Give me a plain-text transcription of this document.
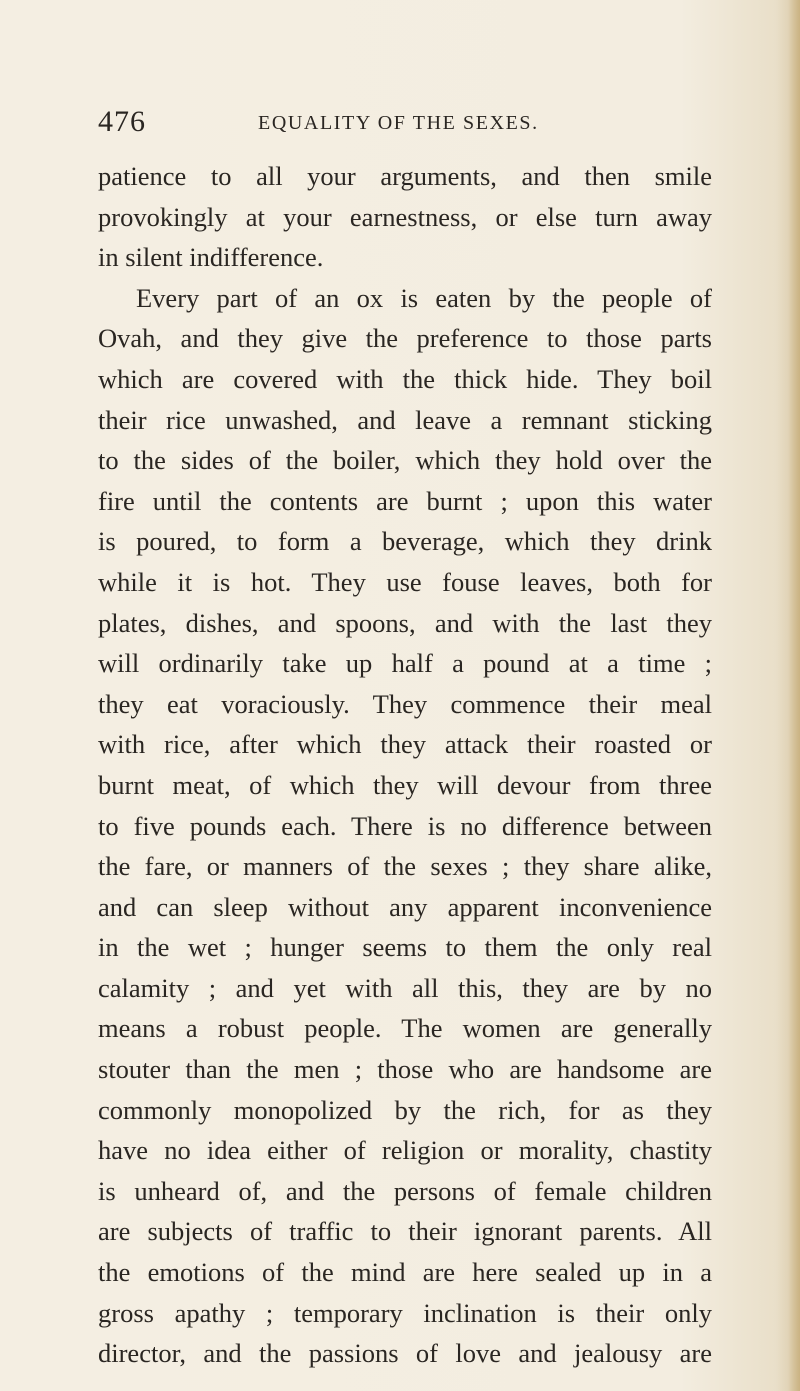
476	EQUALITY OF THE SEXES.
patience to all your arguments, and then smile
provokingly at your earnestness, or else turn away
in silent indifference.
Every part of an ox is eaten by the people of
Ovah, and they give the preference to those parts
which are covered with the thick hide. They boil
their rice unwashed, and leave a remnant sticking
to the sides of the boiler, which they hold over the
fire until the contents are burnt ; upon this water
is poured, to form a beverage, which they drink
while it is hot. They use fouse leaves, both for
plates, dishes, and spoons, and with the last they
will ordinarily take up half a pound at a time ;
they eat voraciously. They commence their meal
with rice, after which they attack their roasted or
burnt meat, of which they will devour from three
to five pounds each. There is no difference between
the fare, or manners of the sexes ; they share alike,
and can sleep without any apparent inconvenience
in the wet ; hunger seems to them the only real
calamity ; and yet with all this, they are by no
means a robust people. The women are generally
stouter than the men ; those who are handsome are
commonly monopolized by the rich, for as they
have no idea either of religion or morality, chastity
is unheard of, and the persons of female children
are subjects of traffic to their ignorant parents. All
the emotions of the mind are here sealed up in a
gross apathy ; temporary inclination is their only
director, and the passions of love and jealousy are
